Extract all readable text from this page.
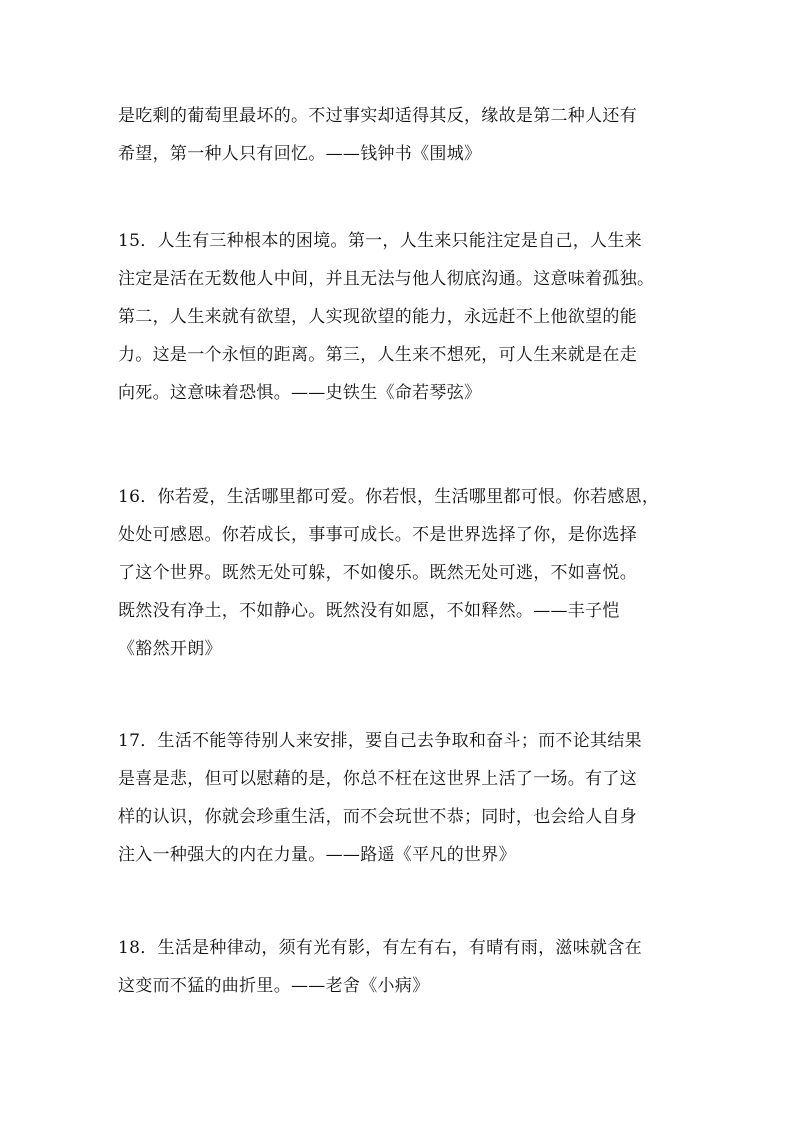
是吃剩的葡萄里最坏的。不过事实却适得其反，缘故是第二种人还有
希望，第一种人只有回忆。——钱钟书《围城》
15．人生有三种根本的困境。第一，人生来只能注定是自己，人生来
注定是活在无数他人中间，并且无法与他人彻底沟通。这意味着孤独。
第二，人生来就有欲望，人实现欲望的能力，永远赶不上他欲望的能
力。这是一个永恒的距离。第三，人生来不想死，可人生来就是在走
向死。这意味着恐惧。——史铁生《命若琴弦》
16．你若爱，生活哪里都可爱。你若恨，生活哪里都可恨。你若感恩，
处处可感恩。你若成长，事事可成长。不是世界选择了你，是你选择
了这个世界。既然无处可躲，不如傻乐。既然无处可逃，不如喜悦。
既然没有净土，不如静心。既然没有如愿，不如释然。——丰子恺
《豁然开朗》
17．生活不能等待别人来安排，要自己去争取和奋斗；而不论其结果
是喜是悲，但可以慰藉的是，你总不枉在这世界上活了一场。有了这
样的认识，你就会珍重生活，而不会玩世不恭；同时，也会给人自身
注入一种强大的内在力量。——路遥《平凡的世界》
18．生活是种律动，须有光有影，有左有右，有晴有雨，滋味就含在
这变而不猛的曲折里。——老舍《小病》
